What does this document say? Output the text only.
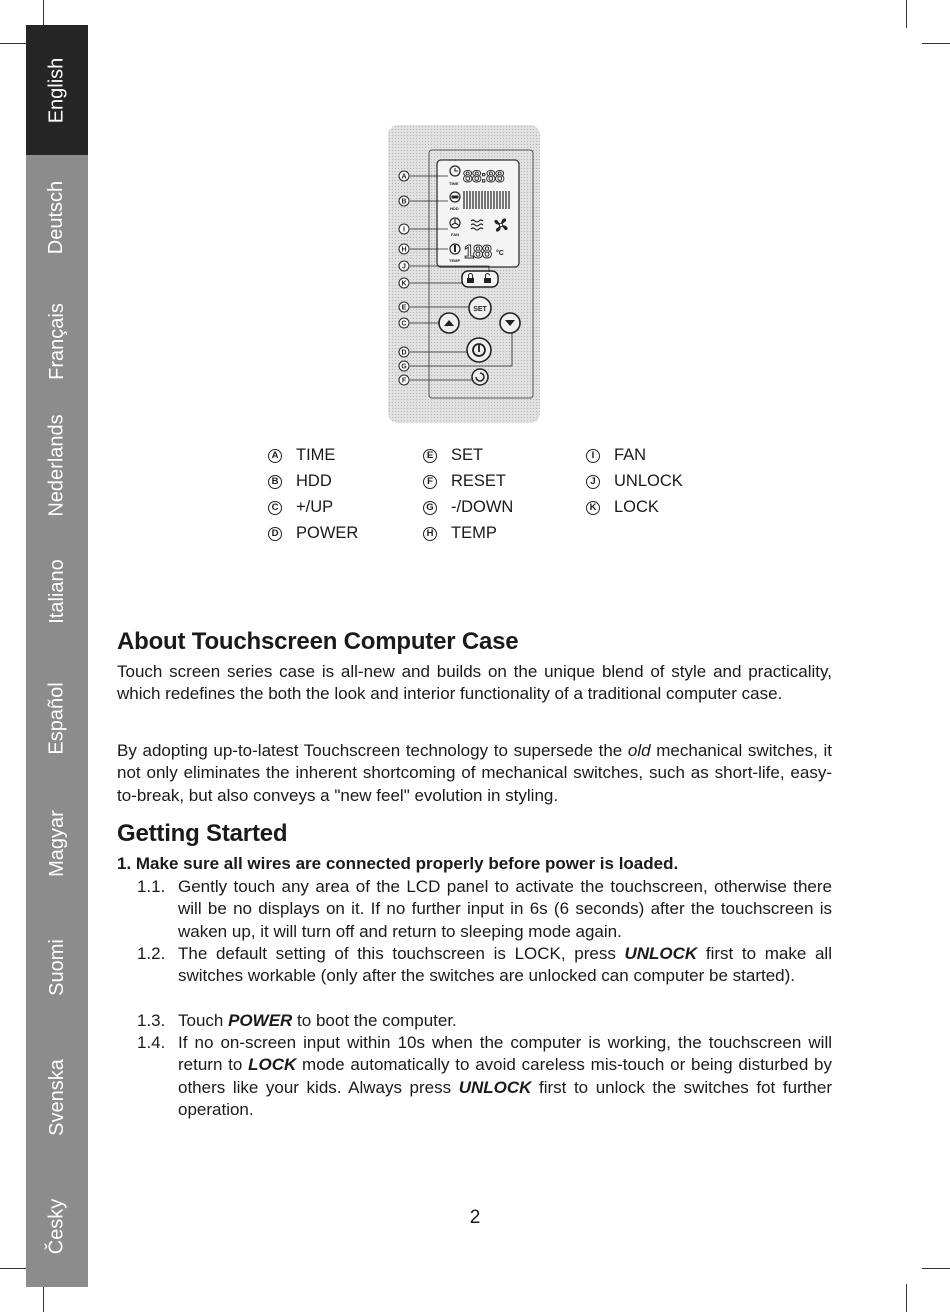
English
Deutsch
Français
Nederlands
Italiano
Español
Magyar
Suomi
Svenska
Česky
TIME 88:88
HDD
FAN
TEMP 188 °C
SET
A
B
I
H
J
K
E
C
D
G
F
A TIME
B HDD
C +/UP
D POWER
E SET
F RESET
G -/DOWN
H TEMP
I	FAN
J UNLOCK
K LOCK
About Touchscreen Computer Case

Touch screen series case is all-new and builds on the unique blend of style and practicality, which redefines the both the look and interior functionality of a traditional computer case.

By adopting up-to-latest Touchscreen technology to supersede the old mechanical switches, it not only eliminates the inherent shortcoming of mechanical switches, such as short-life, easy-to-break, but also conveys a "new feel" evolution in styling.

Getting Started

1. Make sure all wires are connected properly before power is loaded.

1.1. Gently touch any area of the LCD panel to activate the touchscreen, otherwise there will be no displays on it. If no further input in 6s (6 seconds) after the touchscreen is waken up, it will turn off and return to sleeping mode again.
1.2. The default setting of this touchscreen is LOCK, press UNLOCK first to make all switches workable (only after the switches are unlocked can computer be started).
1.3. Touch POWER to boot the computer.
1.4. If no on-screen input within 10s when the computer is working, the touchscreen will return to LOCK mode automatically to avoid careless mis-touch or being disturbed by others like your kids. Always press UNLOCK first to unlock the switches fot further operation.
2
